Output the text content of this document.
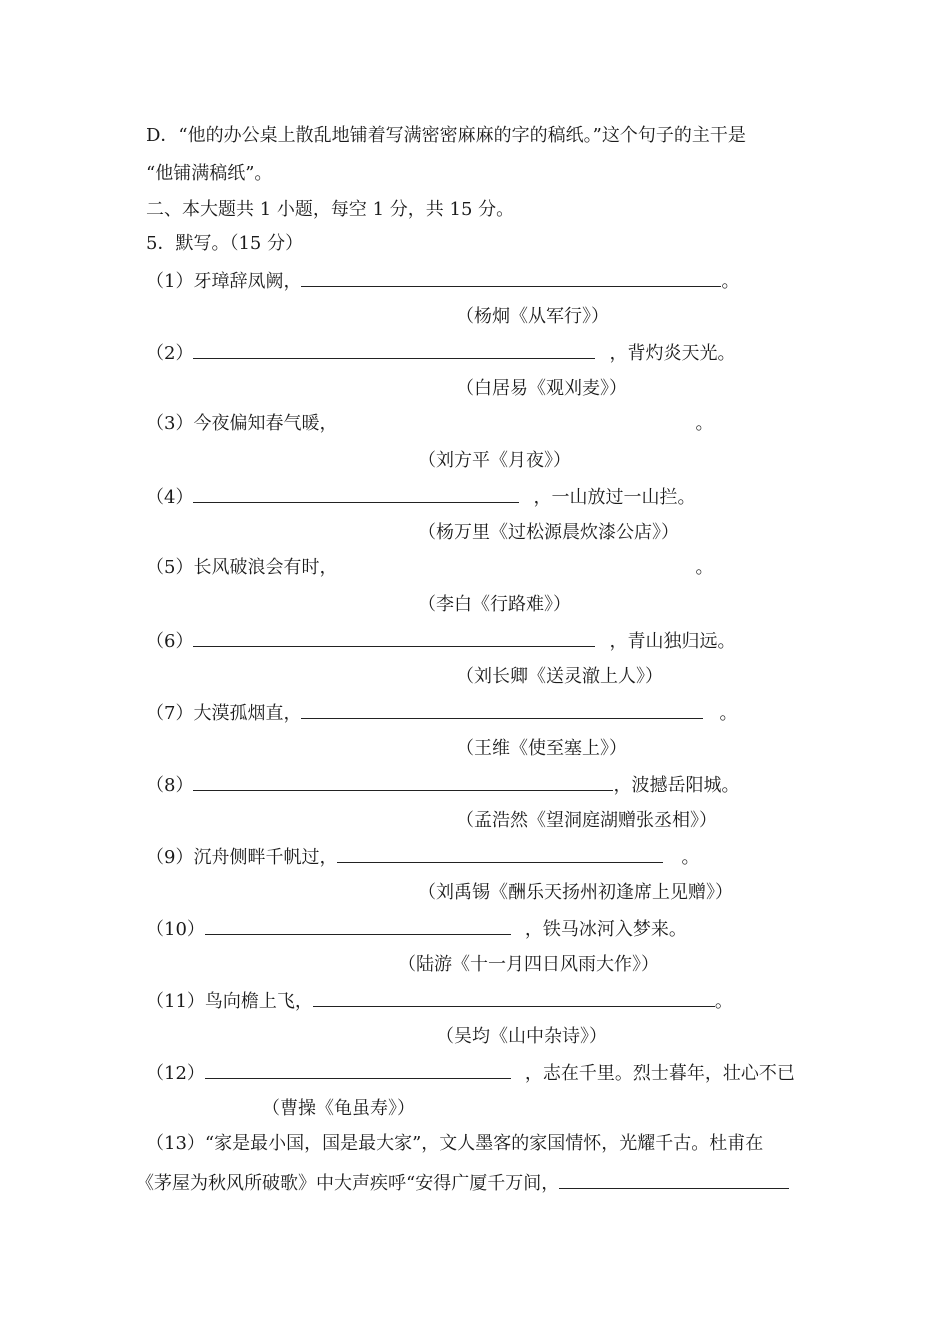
D．“他的办公桌上散乱地铺着写满密密麻麻的字的稿纸。”这个句子的主干是
“他铺满稿纸”。
二、本大题共 1 小题，每空 1 分，共 15 分。
5．默写。（15 分）
（1）牙璋辞凤阙，	。
（杨炯《从军行》）
（2）	，背灼炎天光。
（白居易《观刈麦》）
（3）今夜偏知春气暖，	。
（刘方平《月夜》）
（4）	，一山放过一山拦。
（杨万里《过松源晨炊漆公店》）
（5）长风破浪会有时，	。
（李白《行路难》）
（6）	，青山独归远。
（刘长卿《送灵澈上人》）
（7）大漠孤烟直，	。
（王维《使至塞上》）
（8）	，波撼岳阳城。
（孟浩然《望洞庭湖赠张丞相》）
（9）沉舟侧畔千帆过，	。
（刘禹锡《酬乐天扬州初逢席上见赠》）
（10）	，铁马冰河入梦来。
（陆游《十一月四日风雨大作》）
（11）鸟向檐上飞，	。
（吴均《山中杂诗》）
（12）	，志在千里。烈士暮年，壮心不已
（曹操《龟虽寿》）
（13）“家是最小国，国是最大家”，文人墨客的家国情怀，光耀千古。杜甫在
《茅屋为秋风所破歌》中大声疾呼“安得广厦千万间，
